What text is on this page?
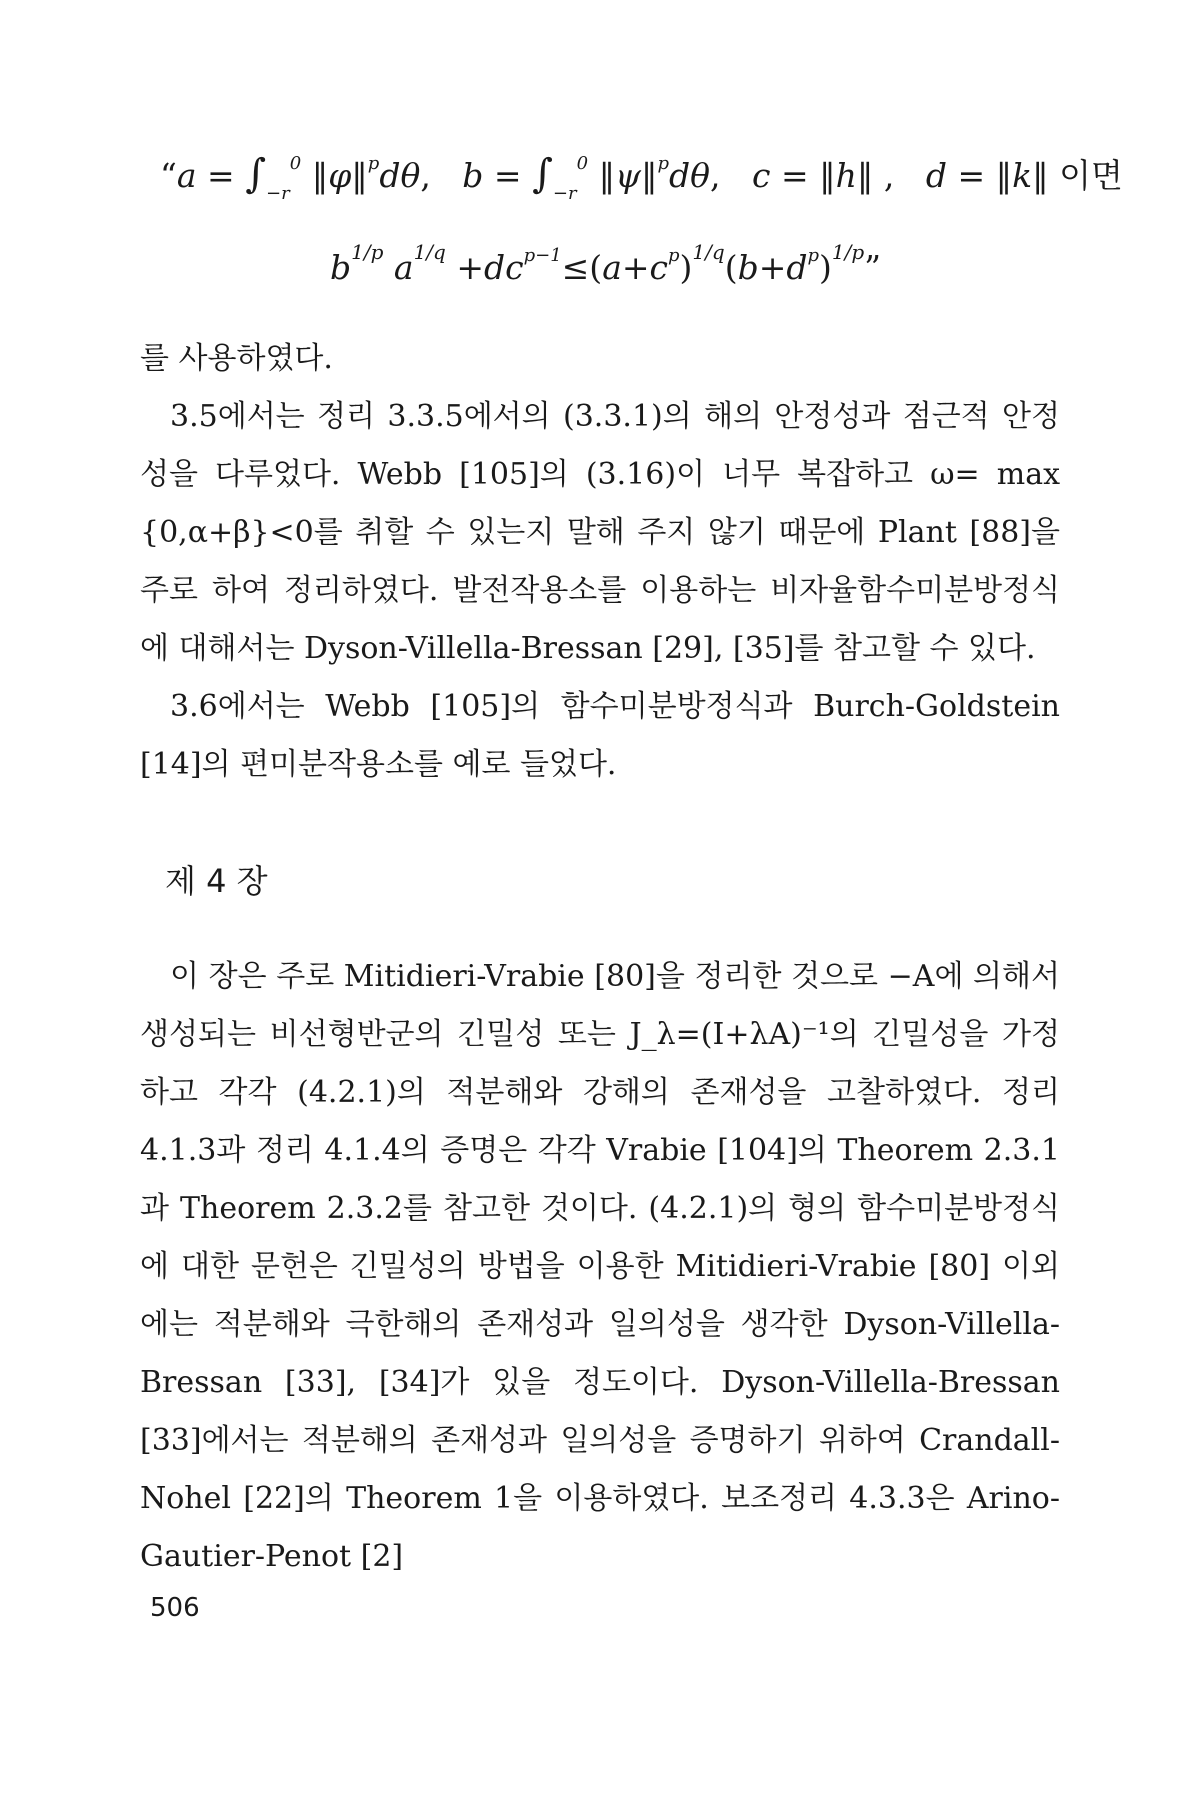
“$a = \int_{-r}^0$ ‖φ‖$^p$dθ,   $b = \int_{-r}^0$ ‖ψ‖$^p$dθ,   c = ‖h‖ ,   d = ‖k‖ 이면
$b^{1/p}$ $a^{1/q} +dc^{p-1}\le(a+c^p)^{1/q}(b+d^p)^{1/p}$”

를 사용하였다.

3.5에서는 정리 3.3.5에서의 (3.3.1)의 해의 안정성과 점근적 안정성을 다루었다. Webb [105]의 (3.16)이 너무 복잡하고 ω= max {0,α+β}<0를 취할 수 있는지 말해 주지 않기 때문에 Plant [88]을 주로 하여 정리하였다. 발전작용소를 이용하는 비자율함수미분방정식에 대해서는 Dyson-Villella-Bressan [29], [35]를 참고할 수 있다.

3.6에서는 Webb [105]의 함수미분방정식과 Burch-Goldstein [14]의 편미분작용소를 예로 들었다.

제 4 장

이 장은 주로 Mitidieri-Vrabie [80]을 정리한 것으로 −A에 의해서 생성되는 비선형반군의 긴밀성 또는 J_λ=(I+λA)⁻¹의 긴밀성을 가정하고 각각 (4.2.1)의 적분해와 강해의 존재성을 고찰하였다. 정리 4.1.3과 정리 4.1.4의 증명은 각각 Vrabie [104]의 Theorem 2.3.1과 Theorem 2.3.2를 참고한 것이다. (4.2.1)의 형의 함수미분방정식에 대한 문헌은 긴밀성의 방법을 이용한 Mitidieri-Vrabie [80] 이외에는 적분해와 극한해의 존재성과 일의성을 생각한 Dyson-Villella-Bressan [33], [34]가 있을 정도이다. Dyson-Villella-Bressan [33]에서는 적분해의 존재성과 일의성을 증명하기 위하여 Crandall-Nohel [22]의 Theorem 1을 이용하였다. 보조정리 4.3.3은 Arino-Gautier-Penot [2]

506
